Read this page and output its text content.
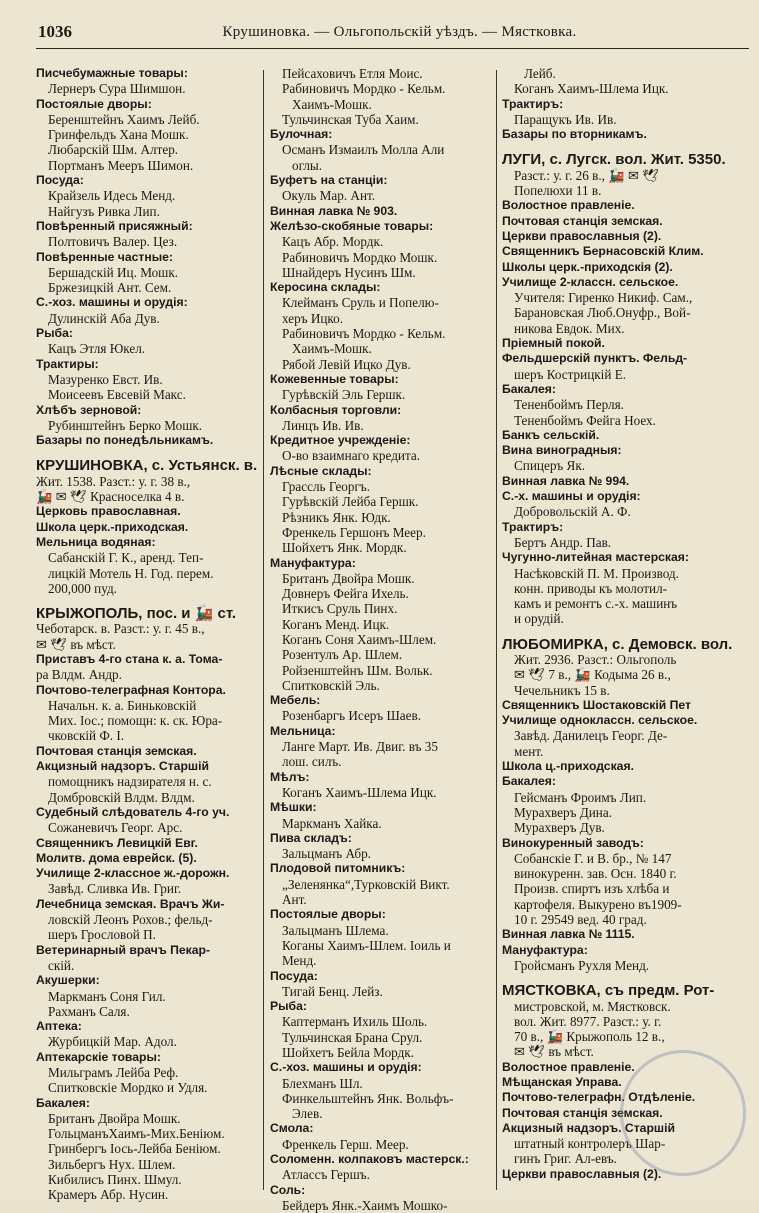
1036	Крушиновка. — Ольгопольскій уѣздъ. — Мястковка.
Писчебумажные товары:
Лернеръ Сура Шимшон.
Постоялые дворы:
Беренштейнъ Хаимъ Лейб.
Гринфельдъ Хана Мошк.
Любарскій Шм. Алтер.
Портманъ Мееръ Шимон.
Посуда:
Крайзель Идесь Менд.
Найгузъ Ривка Лип.
Повѣренный присяжный:
Полтовичъ Валер. Цез.
Повѣренные частные:
Бершадскій Иц. Мошк.
Бржезицкій Ант. Сем.
С.-хоз. машины и орудія:
Дулинскій Аба Дув.
Рыба:
Кацъ Этля Юкел.
Трактиры:
Мазуренко Евст. Ив.
Моисеевъ Евсевій Макс.
Хлѣбъ зерновой:
Рубинштейнъ Берко Мошк.
Базары по понедѣльникамъ.
КРУШИНОВКА, с. Устьянск. в.
Жит. 1538. Разст.: у. г. 38 в.,
🚂 ✉ 🕊 Красноселка 4 в.
Церковь православная.
Школа церк.-приходская.
Мельница водяная:
Сабанскій Г. К., аренд. Теп-
лицкій Мотель Н. Год. перем.
200,000 пуд.
КРЫЖОПОЛЬ, пос. и 🚂 ст.
Чеботарск. в. Разст.: у. г. 45 в.,
✉ 🕊 въ мѣст.
Приставъ 4-го стана к. а. Тома-
ра Влдм. Андр.
Почтово-телеграфная Контора.
Начальн. к. а. Биньковскій
Мих. Іос.; помощн: к. ск. Юра-
чковскій Ф. І.
Почтовая станція земская.
Акцизный надзоръ. Старшій
помощникъ надзирателя н. с.
Домбровскій Влдм. Влдм.
Судебный слѣдователь 4-го уч.
Сожаневичъ Георг. Арс.
Священникъ Левицкій Евг.
Молитв. дома еврейск. (5).
Училище 2-классное ж.-дорожн.
Завѣд. Сливка Ив. Григ.
Лечебница земская. Врачъ Жи-
ловскій Леонъ Рохов.; фельд-
шеръ Грословой П.
Ветеринарный врачъ Пекар-
скій.
Акушерки:
Маркманъ Соня Гил.
Рахманъ Саля.
Аптека:
Журбицкій Мар. Адол.
Аптекарскіе товары:
Мильграмъ Лейба Реф.
Спитковскіе Мордко и Удля.
Бакалея:
Британъ Двойра Мошк.
ГольцманъХаимъ-Мих.Беніюм.
Гринбергъ Іось-Лейба Беніюм.
Зильбергъ Нух. Шлем.
Кибилисъ Пинх. Шмул.
Крамеръ Абр. Нусин.
Пейсаховичъ Етля Моис.
Рабиновичъ Мордко - Кельм.
Хаимъ-Мошк.
Тульчинская Туба Хаим.
Булочная:
Османъ Измаилъ Молла Али
оглы.
Буфетъ на станціи:
Окуль Мар. Ант.
Винная лавка № 903.
Желѣзо-скобяные товары:
Кацъ Абр. Мордк.
Рабиновичъ Мордко Мошк.
Шнайдеръ Нусинъ Шм.
Керосина склады:
Клейманъ Сруль и Попелю-
херъ Ицко.
Рабиновичъ Мордко - Кельм.
Хаимъ-Мошк.
Рябой Левій Ицко Дув.
Кожевенные товары:
Гурѣвскій Эль Гершк.
Колбасныя торговли:
Линцъ Ив. Ив.
Кредитное учрежденіе:
О-во взаимнаго кредита.
Лѣсные склады:
Грассль Георгъ.
Гурѣвскій Лейба Гершк.
Рѣзникъ Янк. Юдк.
Френкель Гершонъ Меер.
Шойхетъ Янк. Мордк.
Мануфактура:
Британъ Двойра Мошк.
Довнеръ Фейга Ихель.
Иткисъ Сруль Пинх.
Коганъ Менд. Ицк.
Коганъ Соня Хаимъ-Шлем.
Розентулъ Ар. Шлем.
Ройзенштейнъ Шм. Вольк.
Спитковскій Эль.
Мебель:
Розенбаргъ Исеръ Шаев.
Мельница:
Ланге Март. Ив. Двиг. въ 35
лош. силъ.
Мѣлъ:
Коганъ Хаимъ-Шлема Ицк.
Мѣшки:
Маркманъ Хайка.
Пива складъ:
Зальцманъ Абр.
Плодовой питомникъ:
„Зеленянка“,Турковскій Викт.
Ант.
Постоялые дворы:
Зальцманъ Шлема.
Коганы Хаимъ-Шлем. Іоиль и
Менд.
Посуда:
Тигай Бенц. Лейз.
Рыба:
Каптерманъ Ихиль Шоль.
Тульчинская Брана Срул.
Шойхетъ Бейла Мордк.
С.-хоз. машины и орудія:
Блехманъ Шл.
Финкельштейнъ Янк. Вольфъ-
Элев.
Смола:
Френкель Герш. Меер.
Соломенн. колпаковъ мастерск.:
Атлассъ Гершъ.
Соль:
Бейдеръ Янк.-Хаимъ Мошко-
Лейб.
Коганъ Хаимъ-Шлема Ицк.
Трактиръ:
Паращукъ Ив. Ив.
Базары по вторникамъ.
ЛУГИ, с. Лугск. вол. Жит. 5350.
Разст.: у. г. 26 в., 🚂 ✉ 🕊
Попелюхи 11 в.
Волостное правленіе.
Почтовая станція земская.
Церкви православныя (2).
Священникъ Бернасовскій Клим.
Школы церк.-приходскія (2).
Училище 2-классн. сельское.
Учителя: Гиренко Никиф. Сам.,
Барановская Люб.Онуфр., Вой-
никова Евдок. Мих.
Пріемный покой.
Фельдшерскій пунктъ. Фельд-
шеръ Кострицкій Е.
Бакалея:
Тененбоймъ Перля.
Тененбоймъ Фейга Ноех.
Банкъ сельскій.
Вина виноградныя:
Спицеръ Як.
Винная лавка № 994.
С.-х. машины и орудія:
Добровольскій А. Ф.
Трактиръ:
Бертъ Андр. Пав.
Чугунно-литейная мастерская:
Насѣковскій П. М. Производ.
конн. приводы къ молотил-
камъ и ремонтъ с.-х. машинъ
и орудій.
ЛЮБОМИРКА, с. Демовск. вол.
Жит. 2936. Разст.: Ольгополь
✉ 🕊 7 в., 🚂 Кодыма 26 в.,
Чечельникъ 15 в.
Священникъ Шостаковскій Пет
Училище одноклассн. сельское.
Завѣд. Данилецъ Георг. Де-
мент.
Школа ц.-приходская.
Бакалея:
Гейсманъ Фроимъ Лип.
Мурахверъ Дина.
Мурахверъ Дув.
Винокуренный заводъ:
Собанскіе Г. и В. бр., № 147
винокуренн. зав. Осн. 1840 г.
Произв. спиртъ изъ хлѣба и
картофеля. Выкурено въ1909-
10 г. 29549 вед. 40 град.
Винная лавка № 1115.
Мануфактура:
Гройсманъ Рухля Менд.
МЯСТКОВКА, съ предм. Рот-
мистровской, м. Мястковск.
вол. Жит. 8977. Разст.: у. г.
70 в., 🚂 Крыжополь 12 в.,
✉ 🕊 въ мѣст.
Волостное правленіе.
Мѣщанская Управа.
Почтово-телеграфн. Отдѣленіе.
Почтовая станція земская.
Акцизный надзоръ. Старшій
штатный контролеръ Шар-
гинъ Григ. Ал-евъ.
Церкви православныя (2).
